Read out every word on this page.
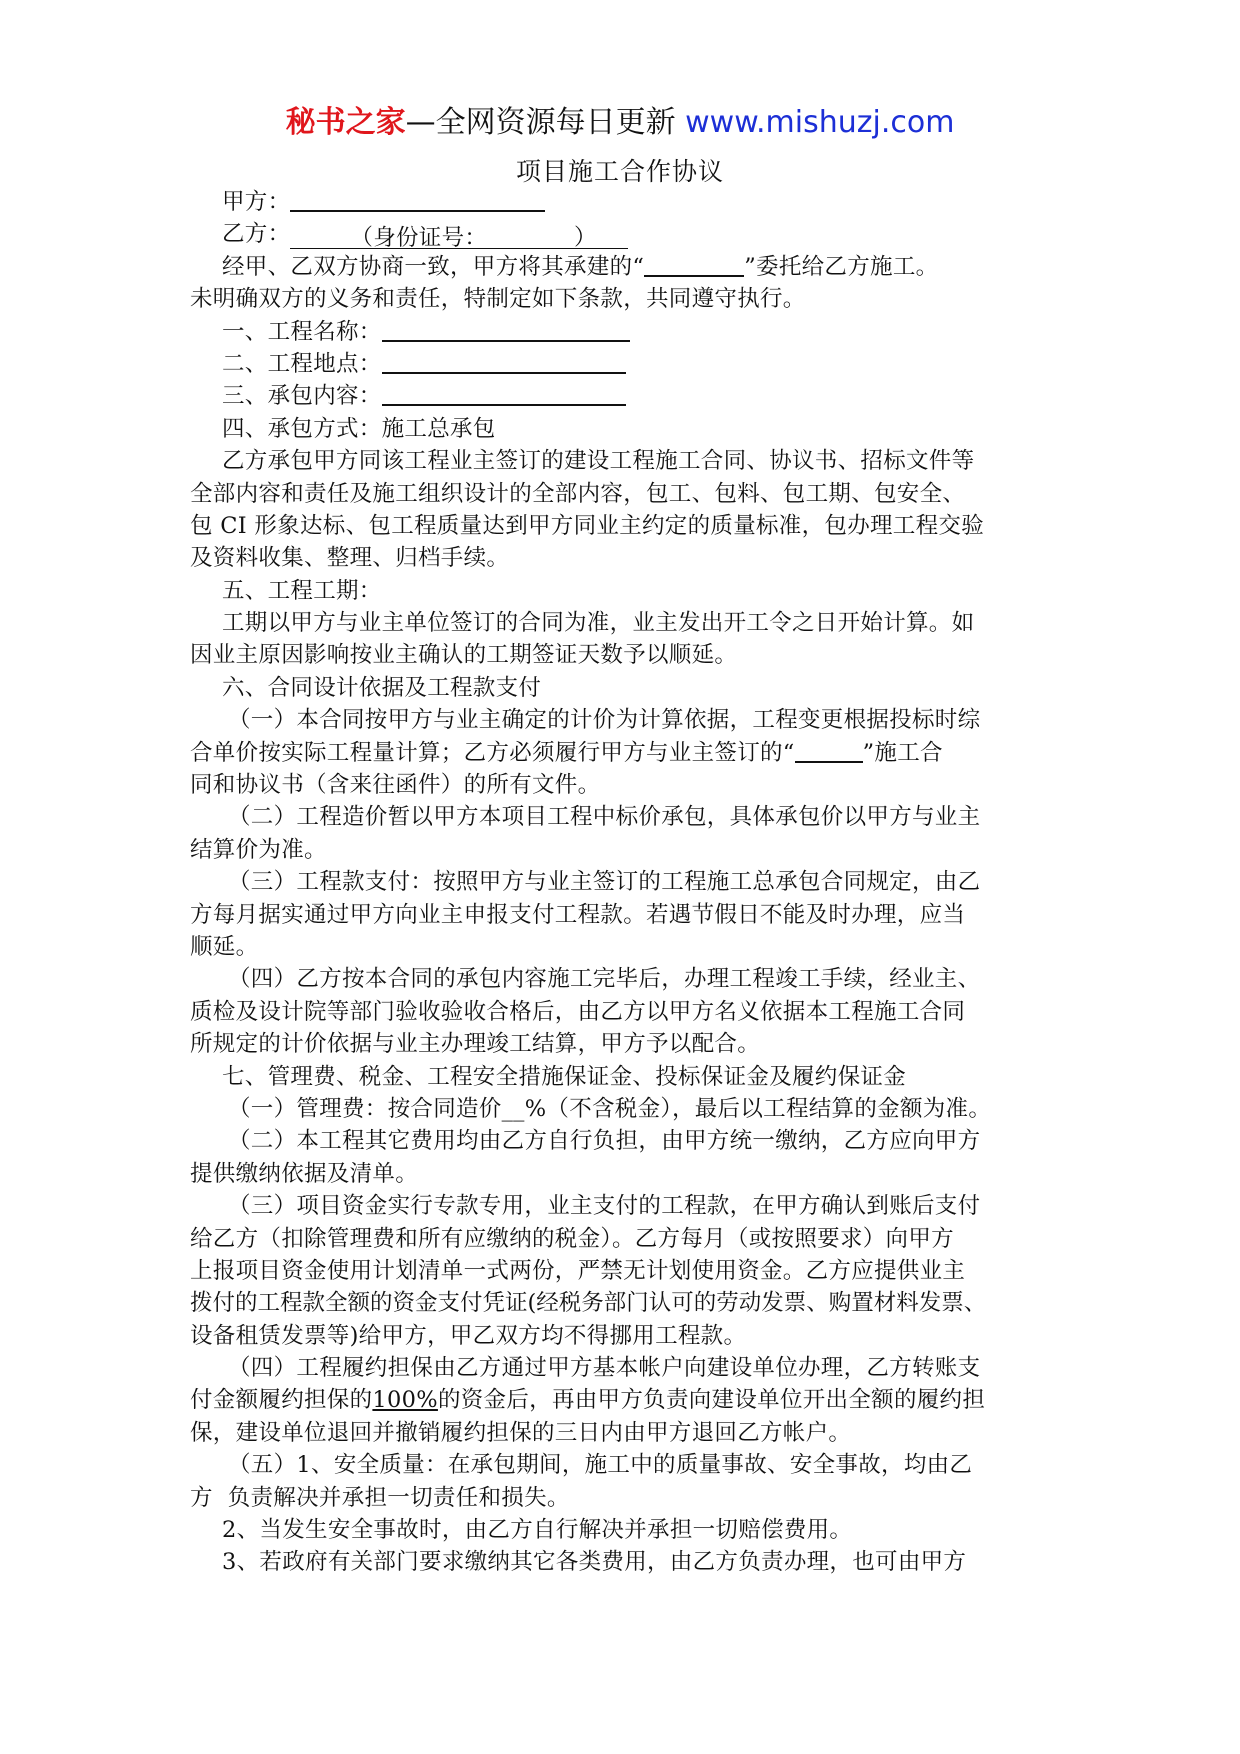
秘书之家—全网资源每日更新 www.mishuzj.com
项目施工合作协议
甲方：
乙方：	（身份证号：	）
经甲、乙双方协商一致，甲方将其承建的“	”委托给乙方施工。
未明确双方的义务和责任，特制定如下条款，共同遵守执行。
一、工程名称：
二、工程地点：
三、承包内容：
四、承包方式：施工总承包
乙方承包甲方同该工程业主签订的建设工程施工合同、协议书、招标文件等
全部内容和责任及施工组织设计的全部内容，包工、包料、包工期、包安全、
包 CI 形象达标、包工程质量达到甲方同业主约定的质量标准，包办理工程交验
及资料收集、整理、归档手续。
五、工程工期：
工期以甲方与业主单位签订的合同为准，业主发出开工令之日开始计算。如
因业主原因影响按业主确认的工期签证天数予以顺延。
六、合同设计依据及工程款支付
（一）本合同按甲方与业主确定的计价为计算依据，工程变更根据投标时综
合单价按实际工程量计算；乙方必须履行甲方与业主签订的“	”施工合
同和协议书（含来往函件）的所有文件。
（二）工程造价暂以甲方本项目工程中标价承包，具体承包价以甲方与业主
结算价为准。
（三）工程款支付：按照甲方与业主签订的工程施工总承包合同规定，由乙
方每月据实通过甲方向业主申报支付工程款。若遇节假日不能及时办理，应当
顺延。
（四）乙方按本合同的承包内容施工完毕后，办理工程竣工手续，经业主、
质检及设计院等部门验收验收合格后，由乙方以甲方名义依据本工程施工合同
所规定的计价依据与业主办理竣工结算，甲方予以配合。
七、管理费、税金、工程安全措施保证金、投标保证金及履约保证金
（一）管理费：按合同造价__%（不含税金），最后以工程结算的金额为准。
（二）本工程其它费用均由乙方自行负担，由甲方统一缴纳，乙方应向甲方
提供缴纳依据及清单。
（三）项目资金实行专款专用，业主支付的工程款，在甲方确认到账后支付
给乙方（扣除管理费和所有应缴纳的税金）。乙方每月（或按照要求）向甲方
上报项目资金使用计划清单一式两份，严禁无计划使用资金。乙方应提供业主
拨付的工程款全额的资金支付凭证(经税务部门认可的劳动发票、购置材料发票、
设备租赁发票等)给甲方，甲乙双方均不得挪用工程款。
（四）工程履约担保由乙方通过甲方基本帐户向建设单位办理，乙方转账支
付金额履约担保的100%的资金后，再由甲方负责向建设单位开出全额的履约担
保，建设单位退回并撤销履约担保的三日内由甲方退回乙方帐户。
（五）1、安全质量：在承包期间，施工中的质量事故、安全事故，均由乙
方  负责解决并承担一切责任和损失。
2、当发生安全事故时，由乙方自行解决并承担一切赔偿费用。
3、若政府有关部门要求缴纳其它各类费用，由乙方负责办理，也可由甲方
